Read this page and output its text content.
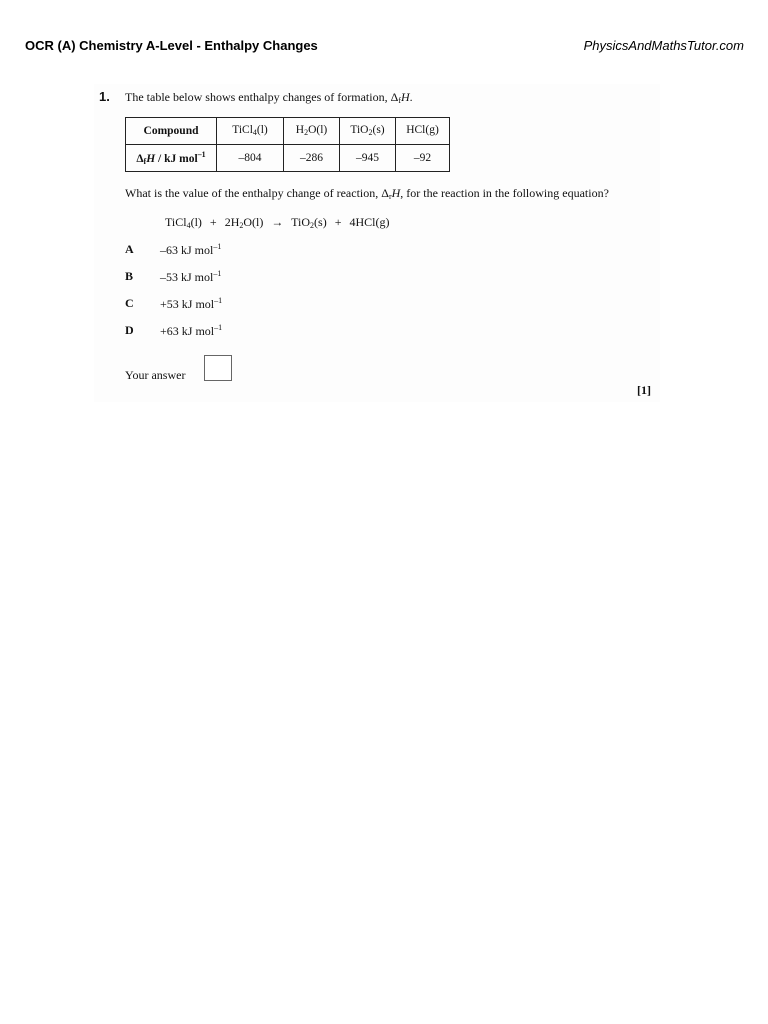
OCR (A) Chemistry A-Level - Enthalpy Changes	PhysicsAndMathsTutor.com
1. The table below shows enthalpy changes of formation, $\Delta_fH$.
Compound	TiCl$_4$(l)	$H_2O(l)$	TiO$_2$(s)	HCl(g)
$\Delta_fH$ / kJ mol$^{-1}$	–804	–286	–945	–92
What is the value of the enthalpy change of reaction, $\Delta_rH$, for the reaction in the following equation?
TiCl$_4$(l)  +  $2H_2O(l) \to TiO_2(s) + 4HCl(g)$
A –63 kJ mol$^{-1}$
B –53 kJ mol$^{-1}$
C +53 kJ mol$^{-1}$
D +63 kJ mol$^{-1}$
Your answer
[1]
